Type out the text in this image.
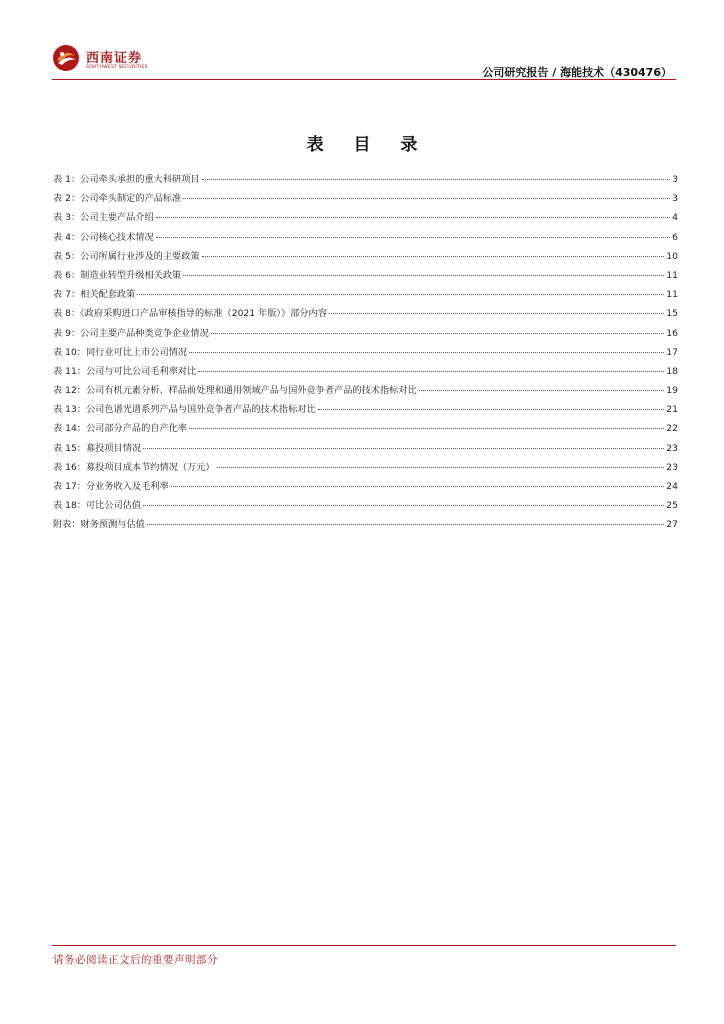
西南证券
SOUTHWEST SECURITIES	公司研究报告 / 海能技术（430476）
表 目 录
表 1：公司牵头承担的重大科研项目	3
表 2：公司牵头制定的产品标准	3
表 3：公司主要产品介绍	4
表 4：公司核心技术情况	6
表 5：公司所属行业涉及的主要政策	10
表 6：制造业转型升级相关政策	11
表 7：相关配套政策	11
表 8：《政府采购进口产品审核指导的标准（2021 年版）》部分内容	15
表 9：公司主要产品种类竞争企业情况	16
表 10：同行业可比上市公司情况	17
表 11：公司与可比公司毛利率对比	18
表 12：公司有机元素分析、样品前处理和通用领域产品与国外竞争者产品的技术指标对比	19
表 13：公司色谱光谱系列产品与国外竞争者产品的技术指标对比	21
表 14：公司部分产品的自产化率	22
表 15：募投项目情况	23
表 16：募投项目成本节约情况（万元）	23
表 17：分业务收入及毛利率	24
表 18：可比公司估值	25
附表：财务预测与估值	27
请务必阅读正文后的重要声明部分
